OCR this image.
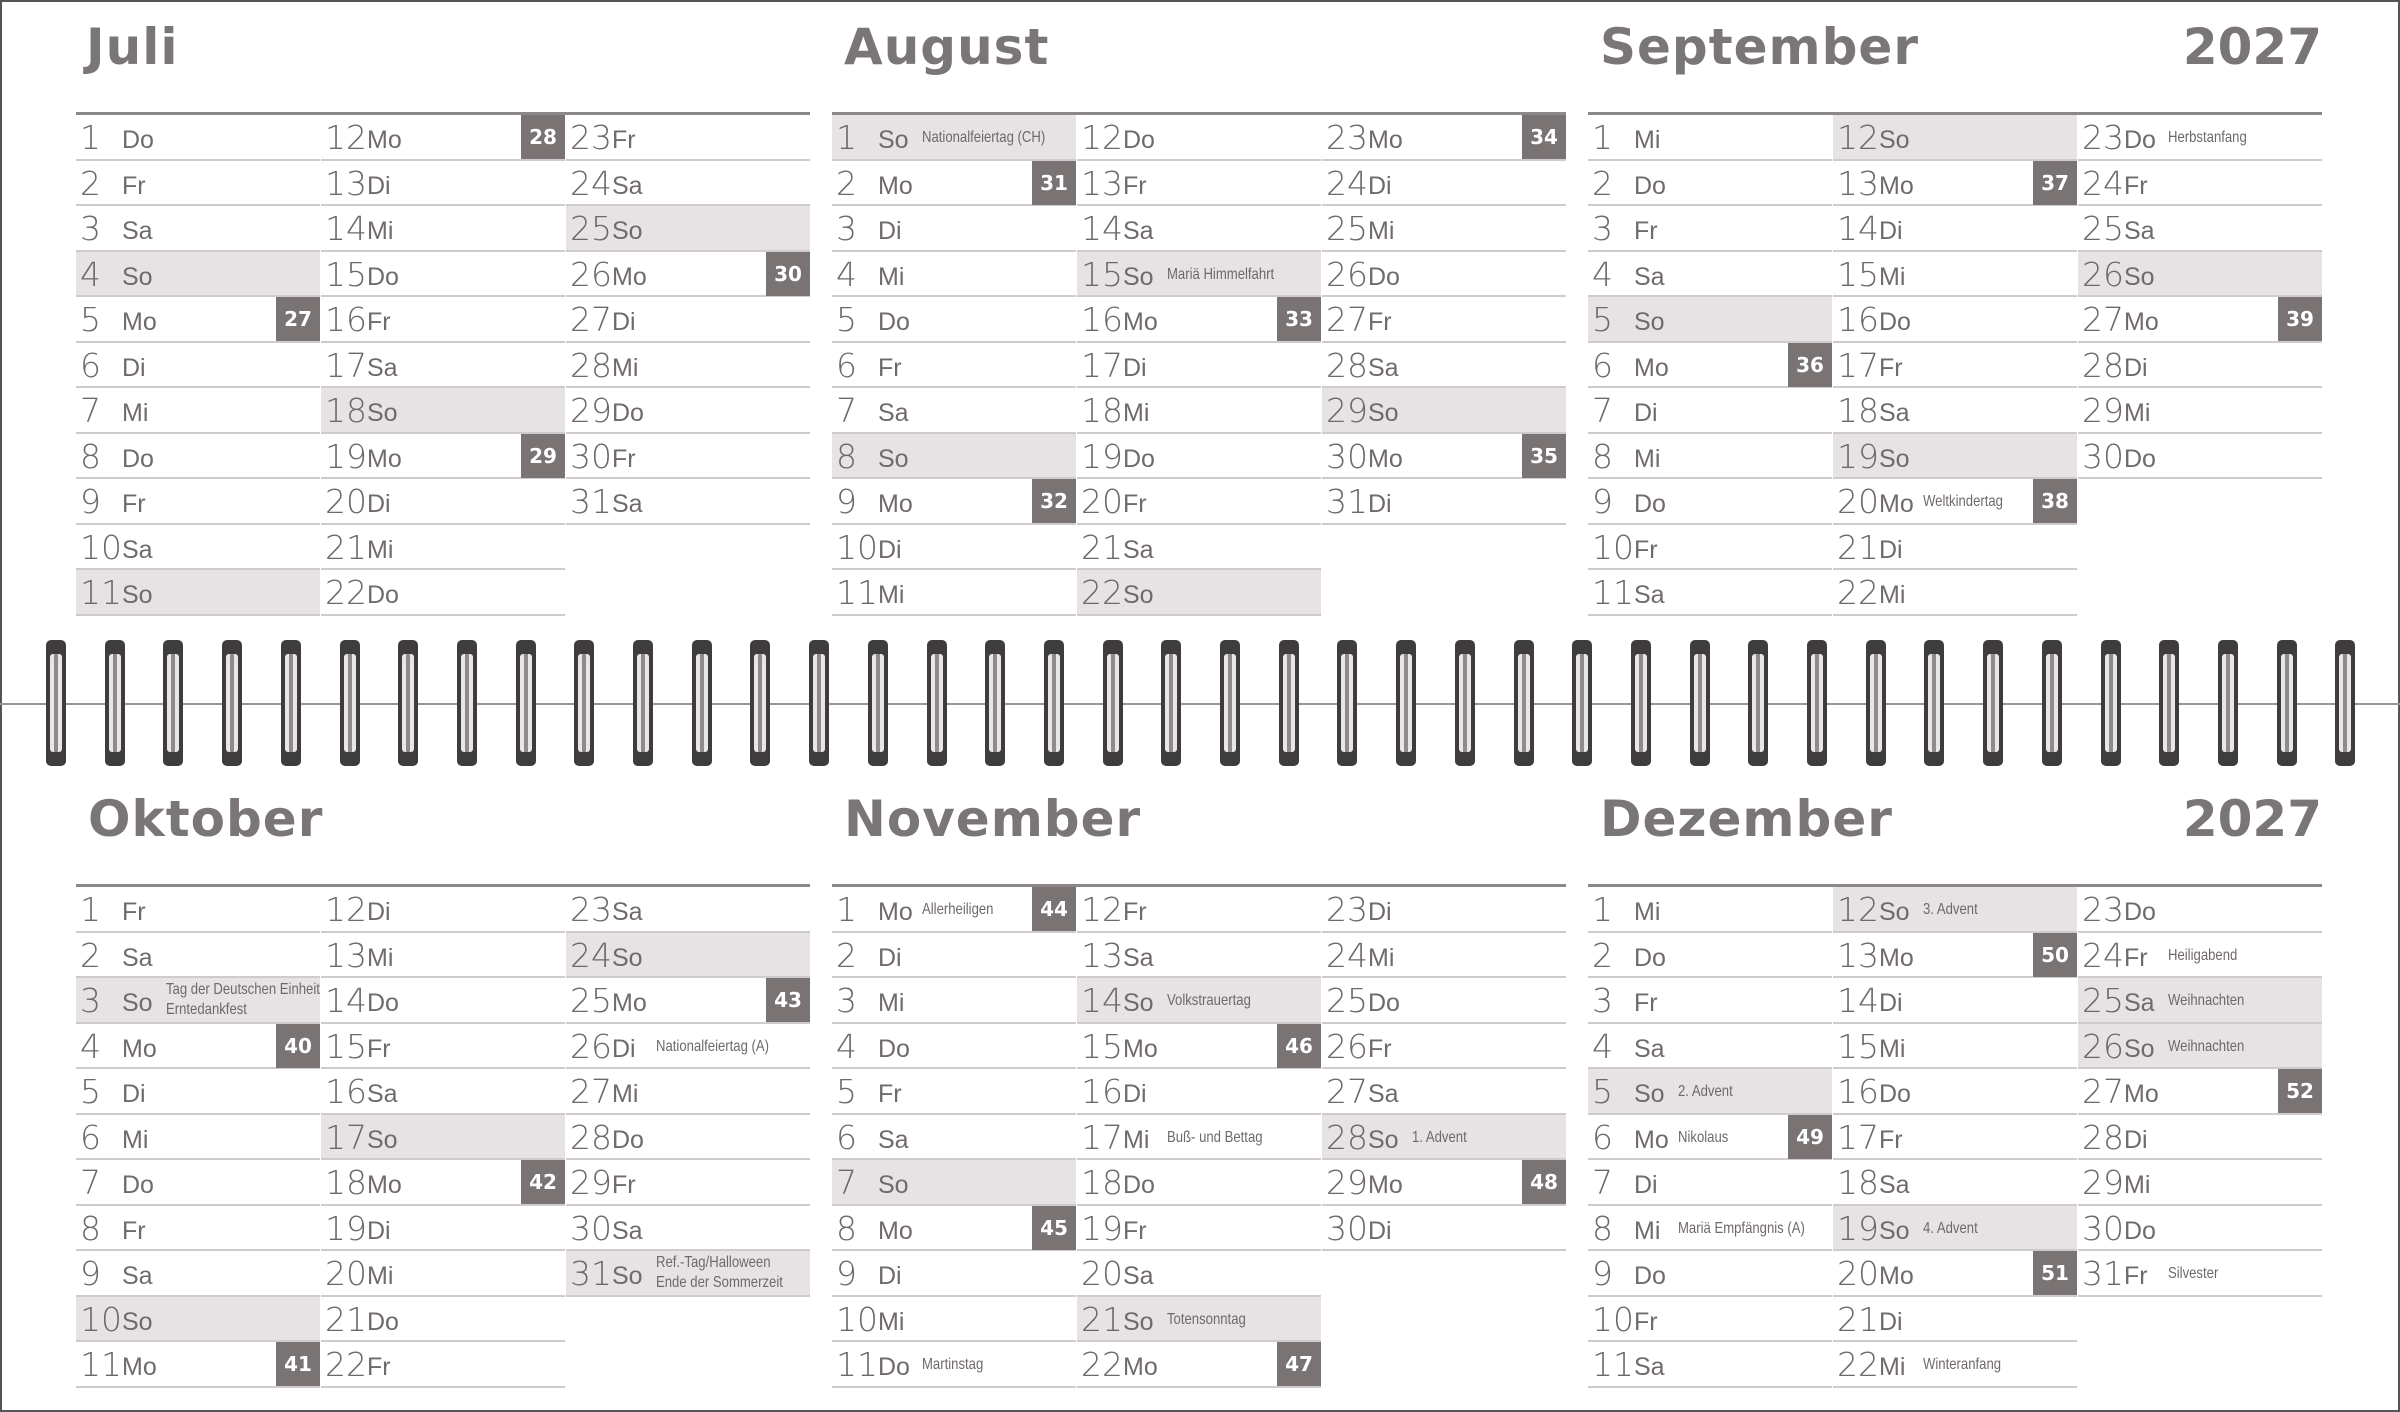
Juli
1 Do
2 Fr
3 Sa
4 So
5 Mo	27
6 Di
7 Mi
8 Do
9 Fr
10 Sa
11 So
12 Mo	28
13 Di
14 Mi
15 Do
16 Fr
17 Sa
18 So
19 Mo	29
20 Di
21 Mi
22 Do
23 Fr
24 Sa
25 So
26 Mo	30
27 Di
28 Mi
29 Do
30 Fr
31 Sa
August
1 So Nationalfeiertag (CH)
2 Mo	31
3 Di
4 Mi
5 Do
6 Fr
7 Sa
8 So
9 Mo	32
10 Di
11 Mi
12 Do
13 Fr
14 Sa
15 So Mariä Himmelfahrt
16 Mo	33
17 Di
18 Mi
19 Do
20 Fr
21 Sa
22 So
23 Mo	34
24 Di
25 Mi
26 Do
27 Fr
28 Sa
29 So
30 Mo	35
31 Di
September	2027
1 Mi
2 Do
3 Fr
4 Sa
5 So
6 Mo	36
7 Di
8 Mi
9 Do
10 Fr
11 Sa
12 So
13 Mo	37
14 Di
15 Mi
16 Do
17 Fr
18 Sa
19 So
20 Mo Weltkindertag	38
21 Di
22 Mi
23 Do Herbstanfang
24 Fr
25 Sa
26 So
27 Mo	39
28 Di
29 Mi
30 Do
Oktober
1 Fr
2 Sa
3 So Tag der Deutschen Einheit
Erntedankfest
4 Mo	40
5 Di
6 Mi
7 Do
8 Fr
9 Sa
10 So
11 Mo	41
12 Di
13 Mi
14 Do
15 Fr
16 Sa
17 So
18 Mo	42
19 Di
20 Mi
21 Do
22 Fr
23 Sa
24 So
25 Mo	43
26 Di Nationalfeiertag (A)
27 Mi
28 Do
29 Fr
30 Sa
31 So Ref.-Tag/Halloween
Ende der Sommerzeit
November
1 Mo Allerheiligen	44
2 Di
3 Mi
4 Do
5 Fr
6 Sa
7 So
8 Mo	45
9 Di
10 Mi
11 Do Martinstag
12 Fr
13 Sa
14 So Volkstrauertag
15 Mo	46
16 Di
17 Mi Buß- und Bettag
18 Do
19 Fr
20 Sa
21 So Totensonntag
22 Mo	47
23 Di
24 Mi
25 Do
26 Fr
27 Sa
28 So 1. Advent
29 Mo	48
30 Di
Dezember	2027
1 Mi
2 Do
3 Fr
4 Sa
5 So 2. Advent
6 Mo Nikolaus	49
7 Di
8 Mi Mariä Empfängnis (A)
9 Do
10 Fr
11 Sa
12 So 3. Advent
13 Mo	50
14 Di
15 Mi
16 Do
17 Fr
18 Sa
19 So 4. Advent
20 Mo	51
21 Di
22 Mi Winteranfang
23 Do
24 Fr Heiligabend
25 Sa Weihnachten
26 So Weihnachten
27 Mo	52
28 Di
29 Mi
30 Do
31 Fr Silvester
